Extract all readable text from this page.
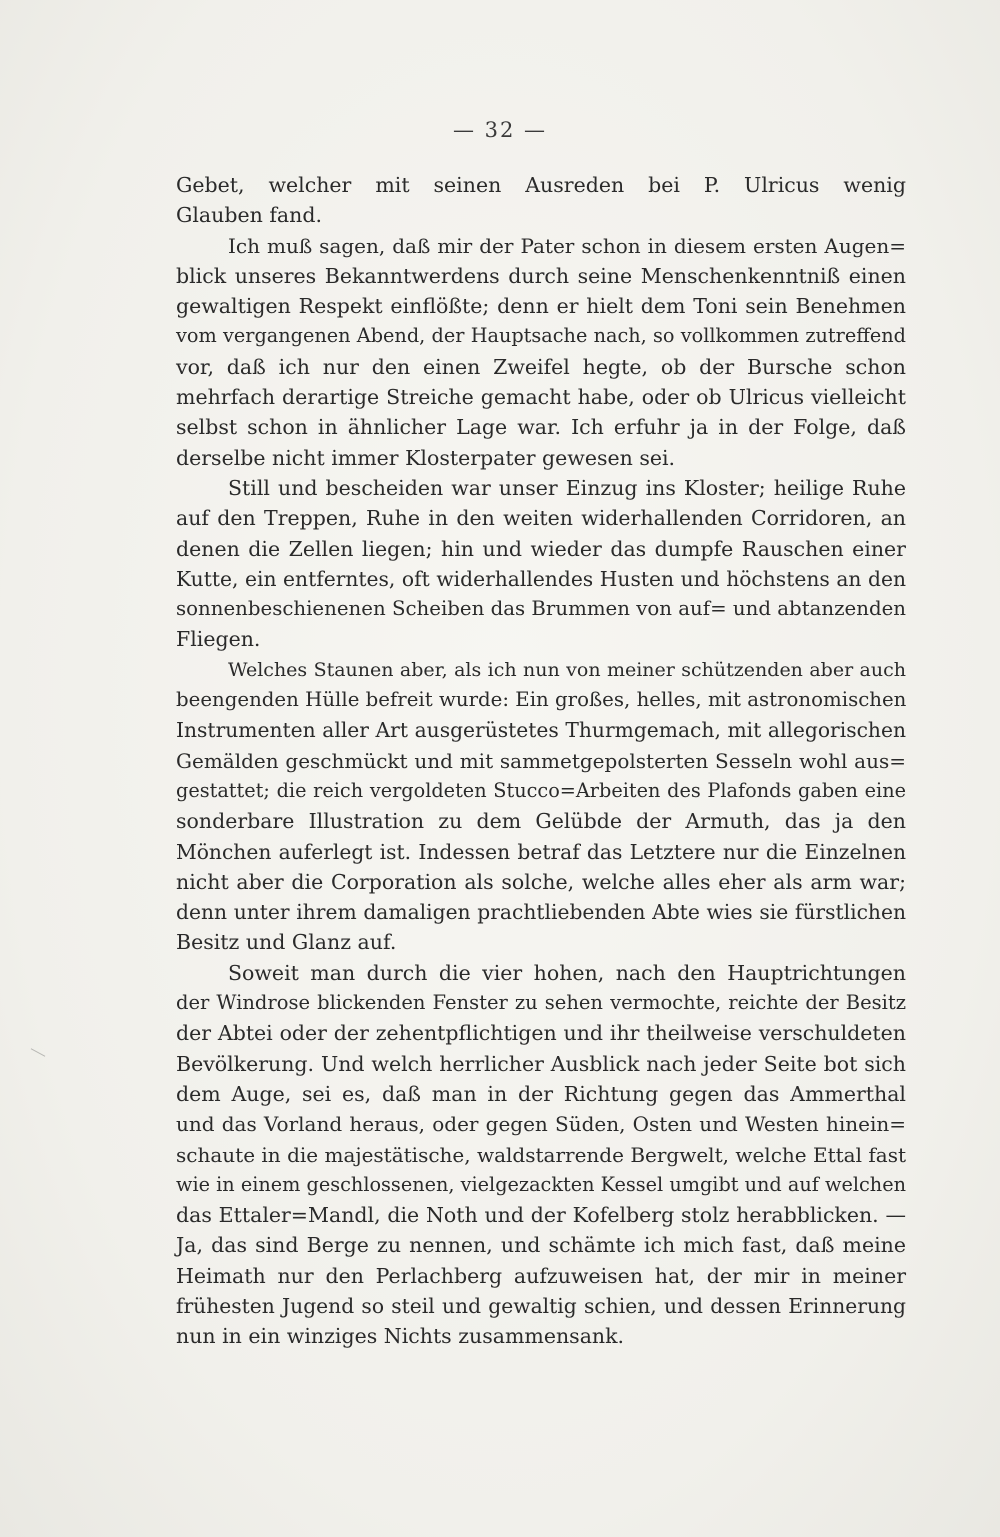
— 32 —
Gebet, welcher mit seinen Ausreden bei P. Ulricus wenig
Glauben fand.
Ich muß sagen, daß mir der Pater schon in diesem ersten Augen=
blick unseres Bekanntwerdens durch seine Menschenkenntniß einen
gewaltigen Respekt einflößte; denn er hielt dem Toni sein Benehmen
vom vergangenen Abend, der Hauptsache nach, so vollkommen zutreffend
vor, daß ich nur den einen Zweifel hegte, ob der Bursche schon
mehrfach derartige Streiche gemacht habe, oder ob Ulricus vielleicht
selbst schon in ähnlicher Lage war. Ich erfuhr ja in der Folge, daß
derselbe nicht immer Klosterpater gewesen sei.
Still und bescheiden war unser Einzug ins Kloster; heilige Ruhe
auf den Treppen, Ruhe in den weiten widerhallenden Corridoren, an
denen die Zellen liegen; hin und wieder das dumpfe Rauschen einer
Kutte, ein entferntes, oft widerhallendes Husten und höchstens an den
sonnenbeschienenen Scheiben das Brummen von auf= und abtanzenden
Fliegen.
Welches Staunen aber, als ich nun von meiner schützenden aber auch
beengenden Hülle befreit wurde: Ein großes, helles, mit astronomischen
Instrumenten aller Art ausgerüstetes Thurmgemach, mit allegorischen
Gemälden geschmückt und mit sammetgepolsterten Sesseln wohl aus=
gestattet; die reich vergoldeten Stucco=Arbeiten des Plafonds gaben eine
sonderbare Illustration zu dem Gelübde der Armuth, das ja den
Mönchen auferlegt ist. Indessen betraf das Letztere nur die Einzelnen
nicht aber die Corporation als solche, welche alles eher als arm war;
denn unter ihrem damaligen prachtliebenden Abte wies sie fürstlichen
Besitz und Glanz auf.
Soweit man durch die vier hohen, nach den Hauptrichtungen
der Windrose blickenden Fenster zu sehen vermochte, reichte der Besitz
der Abtei oder der zehentpflichtigen und ihr theilweise verschuldeten
Bevölkerung. Und welch herrlicher Ausblick nach jeder Seite bot sich
dem Auge, sei es, daß man in der Richtung gegen das Ammerthal
und das Vorland heraus, oder gegen Süden, Osten und Westen hinein=
schaute in die majestätische, waldstarrende Bergwelt, welche Ettal fast
wie in einem geschlossenen, vielgezackten Kessel umgibt und auf welchen
das Ettaler=Mandl, die Noth und der Kofelberg stolz herabblicken. —
Ja, das sind Berge zu nennen, und schämte ich mich fast, daß meine
Heimath nur den Perlachberg aufzuweisen hat, der mir in meiner
frühesten Jugend so steil und gewaltig schien, und dessen Erinnerung
nun in ein winziges Nichts zusammensank.
